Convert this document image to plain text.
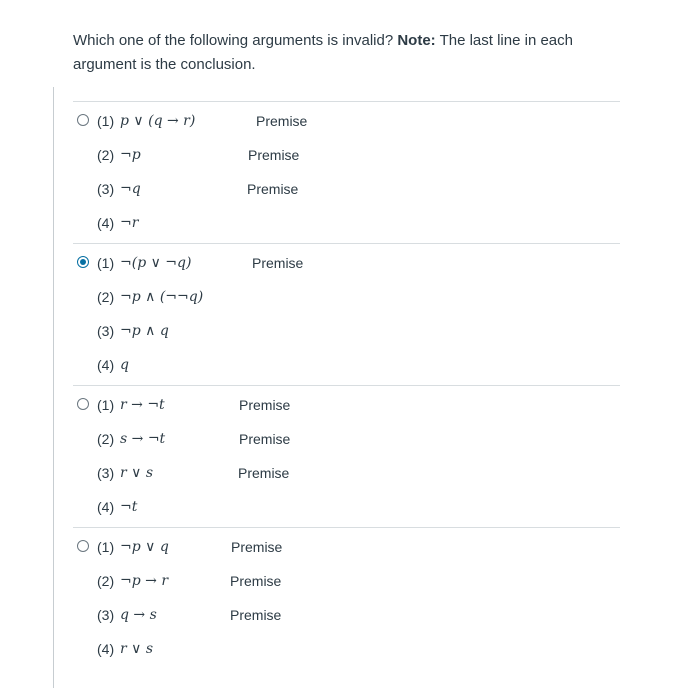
Which one of the following arguments is invalid? Note: The last line in each argument is the conclusion.
(1) p ∨ (q → r)	Premise
(2) ¬p	Premise
(3) ¬q	Premise
(4) ¬r
(1) ¬(p ∨ ¬q)	Premise
(2) ¬p ∧ (¬¬q)
(3) ¬p ∧ q
(4) q
(1) r → ¬t	Premise
(2) s → ¬t	Premise
(3) r ∨ s	Premise
(4) ¬t
(1) ¬p ∨ q	Premise
(2) ¬p → r	Premise
(3) q → s	Premise
(4) r ∨ s
